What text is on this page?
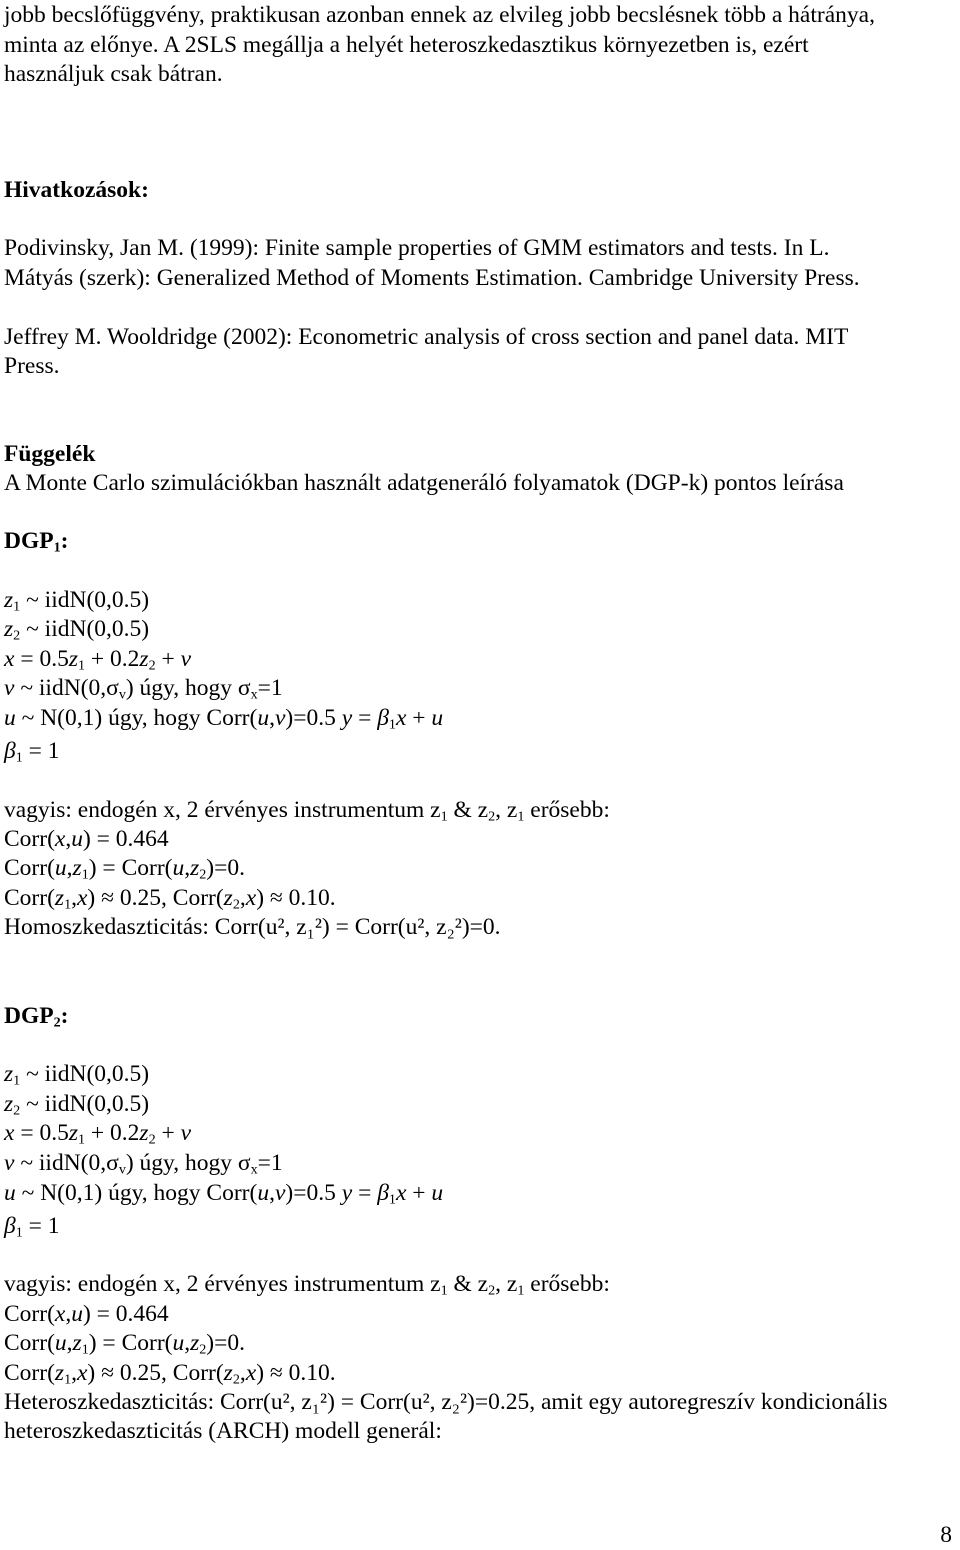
jobb becslőfüggvény, praktikusan azonban ennek az elvileg jobb becslésnek több a hátránya,
minta az előnye. A 2SLS megállja a helyét heteroszkedasztikus környezetben is, ezért
használjuk csak bátran.
Hivatkozások:
Podivinsky, Jan M. (1999): Finite sample properties of GMM estimators and tests. In L.
Mátyás (szerk): Generalized Method of Moments Estimation. Cambridge University Press.
Jeffrey M. Wooldridge (2002): Econometric analysis of cross section and panel data. MIT
Press.
Függelék
A Monte Carlo szimulációkban használt adatgeneráló folyamatok (DGP-k) pontos leírása
$DGP_1$:
$z_1$ ~ iidN(0,0.5)
$z_2$ ~ iidN(0,0.5)
$x = 0.5z_1 + 0.2z_2 + v$
v ~ $iidN(0,\sigma_v)$ úgy, hogy $\sigma_x=1$
u ~ N(0,1) úgy, hogy Corr(u,v)=0.5 $y = \beta_1x + u$
$\beta_1 = 1$
vagyis: endogén x, 2 érvényes instrumentum $z_1$ & $z_2$, $z_1$ erősebb:
Corr(x,u) = 0.464
$Corr(u,z_1)$ = $Corr(u,z_2)=0$.
$Corr(z_1,x) \approx 0.25$, $Corr(z_2,x) \approx 0.10$.
Homoszkedaszticitás: Corr(u², z₁²) = Corr(u², z₂²)=0.
$DGP_2$:
$z_1$ ~ iidN(0,0.5)
$z_2$ ~ iidN(0,0.5)
$x = 0.5z_1 + 0.2z_2 + v$
v ~ $iidN(0,\sigma_v)$ úgy, hogy $\sigma_x=1$
u ~ N(0,1) úgy, hogy Corr(u,v)=0.5 $y = \beta_1x + u$
$\beta_1 = 1$
vagyis: endogén x, 2 érvényes instrumentum $z_1$ & $z_2$, $z_1$ erősebb:
Corr(x,u) = 0.464
$Corr(u,z_1)$ = $Corr(u,z_2)=0$.
$Corr(z_1,x) \approx 0.25$, $Corr(z_2,x) \approx 0.10$.
Heteroszkedaszticitás: Corr(u², z₁²) = Corr(u², z₂²)=0.25, amit egy autoregreszív kondicionális
heteroszkedaszticitás (ARCH) modell generál:
8
